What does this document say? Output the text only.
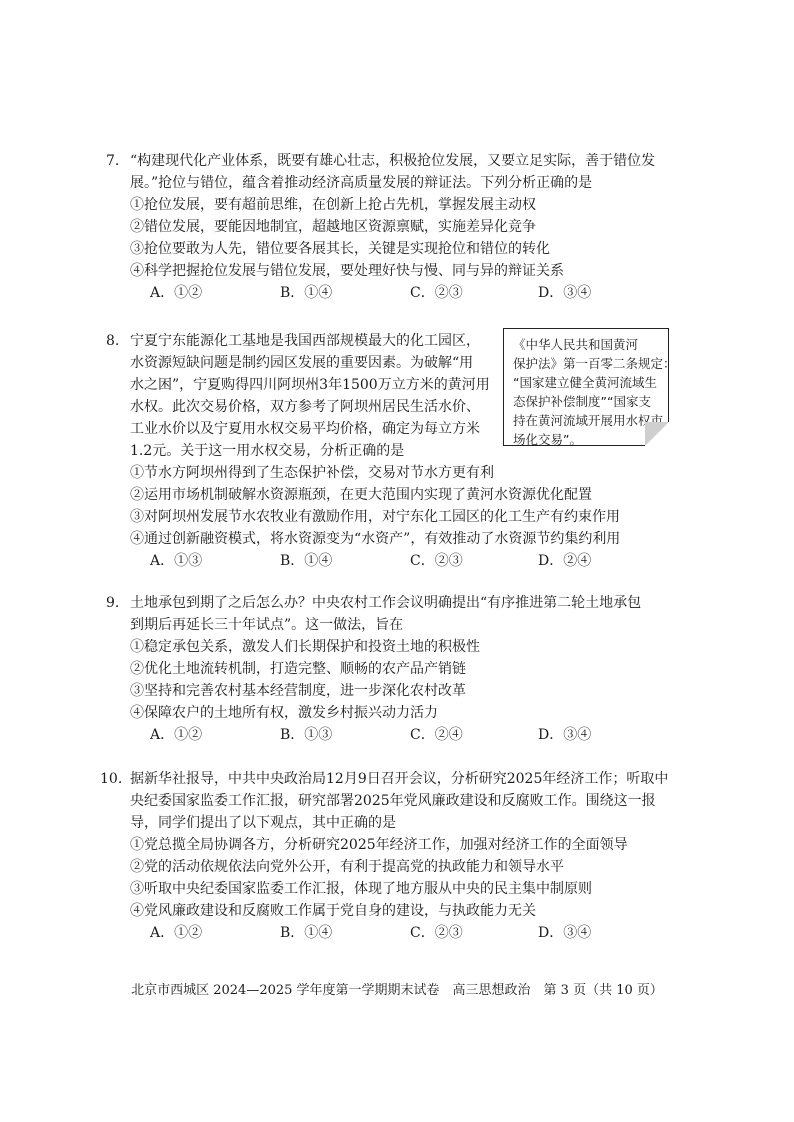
7. “构建现代化产业体系，既要有雄心壮志，积极抢位发展，又要立足实际，善于错位发
展。”抢位与错位，蕴含着推动经济高质量发展的辩证法。下列分析正确的是
①抢位发展，要有超前思维，在创新上抢占先机，掌握发展主动权
②错位发展，要能因地制宜，超越地区资源禀赋，实施差异化竞争
③抢位要敢为人先，错位要各展其长，关键是实现抢位和错位的转化
④科学把握抢位发展与错位发展，要处理好快与慢、同与异的辩证关系
A．①②	B．①④	C．②③	D．③④
8. 宁夏宁东能源化工基地是我国西部规模最大的化工园区，
水资源短缺问题是制约园区发展的重要因素。为破解“用
水之困”，宁夏购得四川阿坝州3年1500万立方米的黄河用
水权。此次交易价格，双方参考了阿坝州居民生活水价、
工业水价以及宁夏用水权交易平均价格，确定为每立方米
1.2元。关于这一用水权交易，分析正确的是
①节水方阿坝州得到了生态保护补偿，交易对节水方更有利
②运用市场机制破解水资源瓶颈，在更大范围内实现了黄河水资源优化配置
③对阿坝州发展节水农牧业有激励作用，对宁东化工园区的化工生产有约束作用
④通过创新融资模式，将水资源变为“水资产”，有效推动了水资源节约集约利用
A．①③	B．①④	C．②③	D．②④
《中华人民共和国黄河
保护法》第一百零二条规定：
“国家建立健全黄河流域生
态保护补偿制度”“国家支
持在黄河流域开展用水权市
场化交易”。
9. 土地承包到期了之后怎么办？中央农村工作会议明确提出“有序推进第二轮土地承包
到期后再延长三十年试点”。这一做法，旨在
①稳定承包关系，激发人们长期保护和投资土地的积极性
②优化土地流转机制，打造完整、顺畅的农产品产销链
③坚持和完善农村基本经营制度，进一步深化农村改革
④保障农户的土地所有权，激发乡村振兴动力活力
A．①②	B．①③	C．②④	D．③④
10. 据新华社报导，中共中央政治局12月9日召开会议，分析研究2025年经济工作；听取中
央纪委国家监委工作汇报，研究部署2025年党风廉政建设和反腐败工作。围绕这一报
导，同学们提出了以下观点，其中正确的是
①党总揽全局协调各方，分析研究2025年经济工作，加强对经济工作的全面领导
②党的活动依规依法向党外公开，有利于提高党的执政能力和领导水平
③听取中央纪委国家监委工作汇报，体现了地方服从中央的民主集中制原则
④党风廉政建设和反腐败工作属于党自身的建设，与执政能力无关
A．①②	B．①④	C．②③	D．③④
北京市西城区 2024—2025 学年度第一学期期末试卷　高三思想政治　第 3 页（共 10 页）
